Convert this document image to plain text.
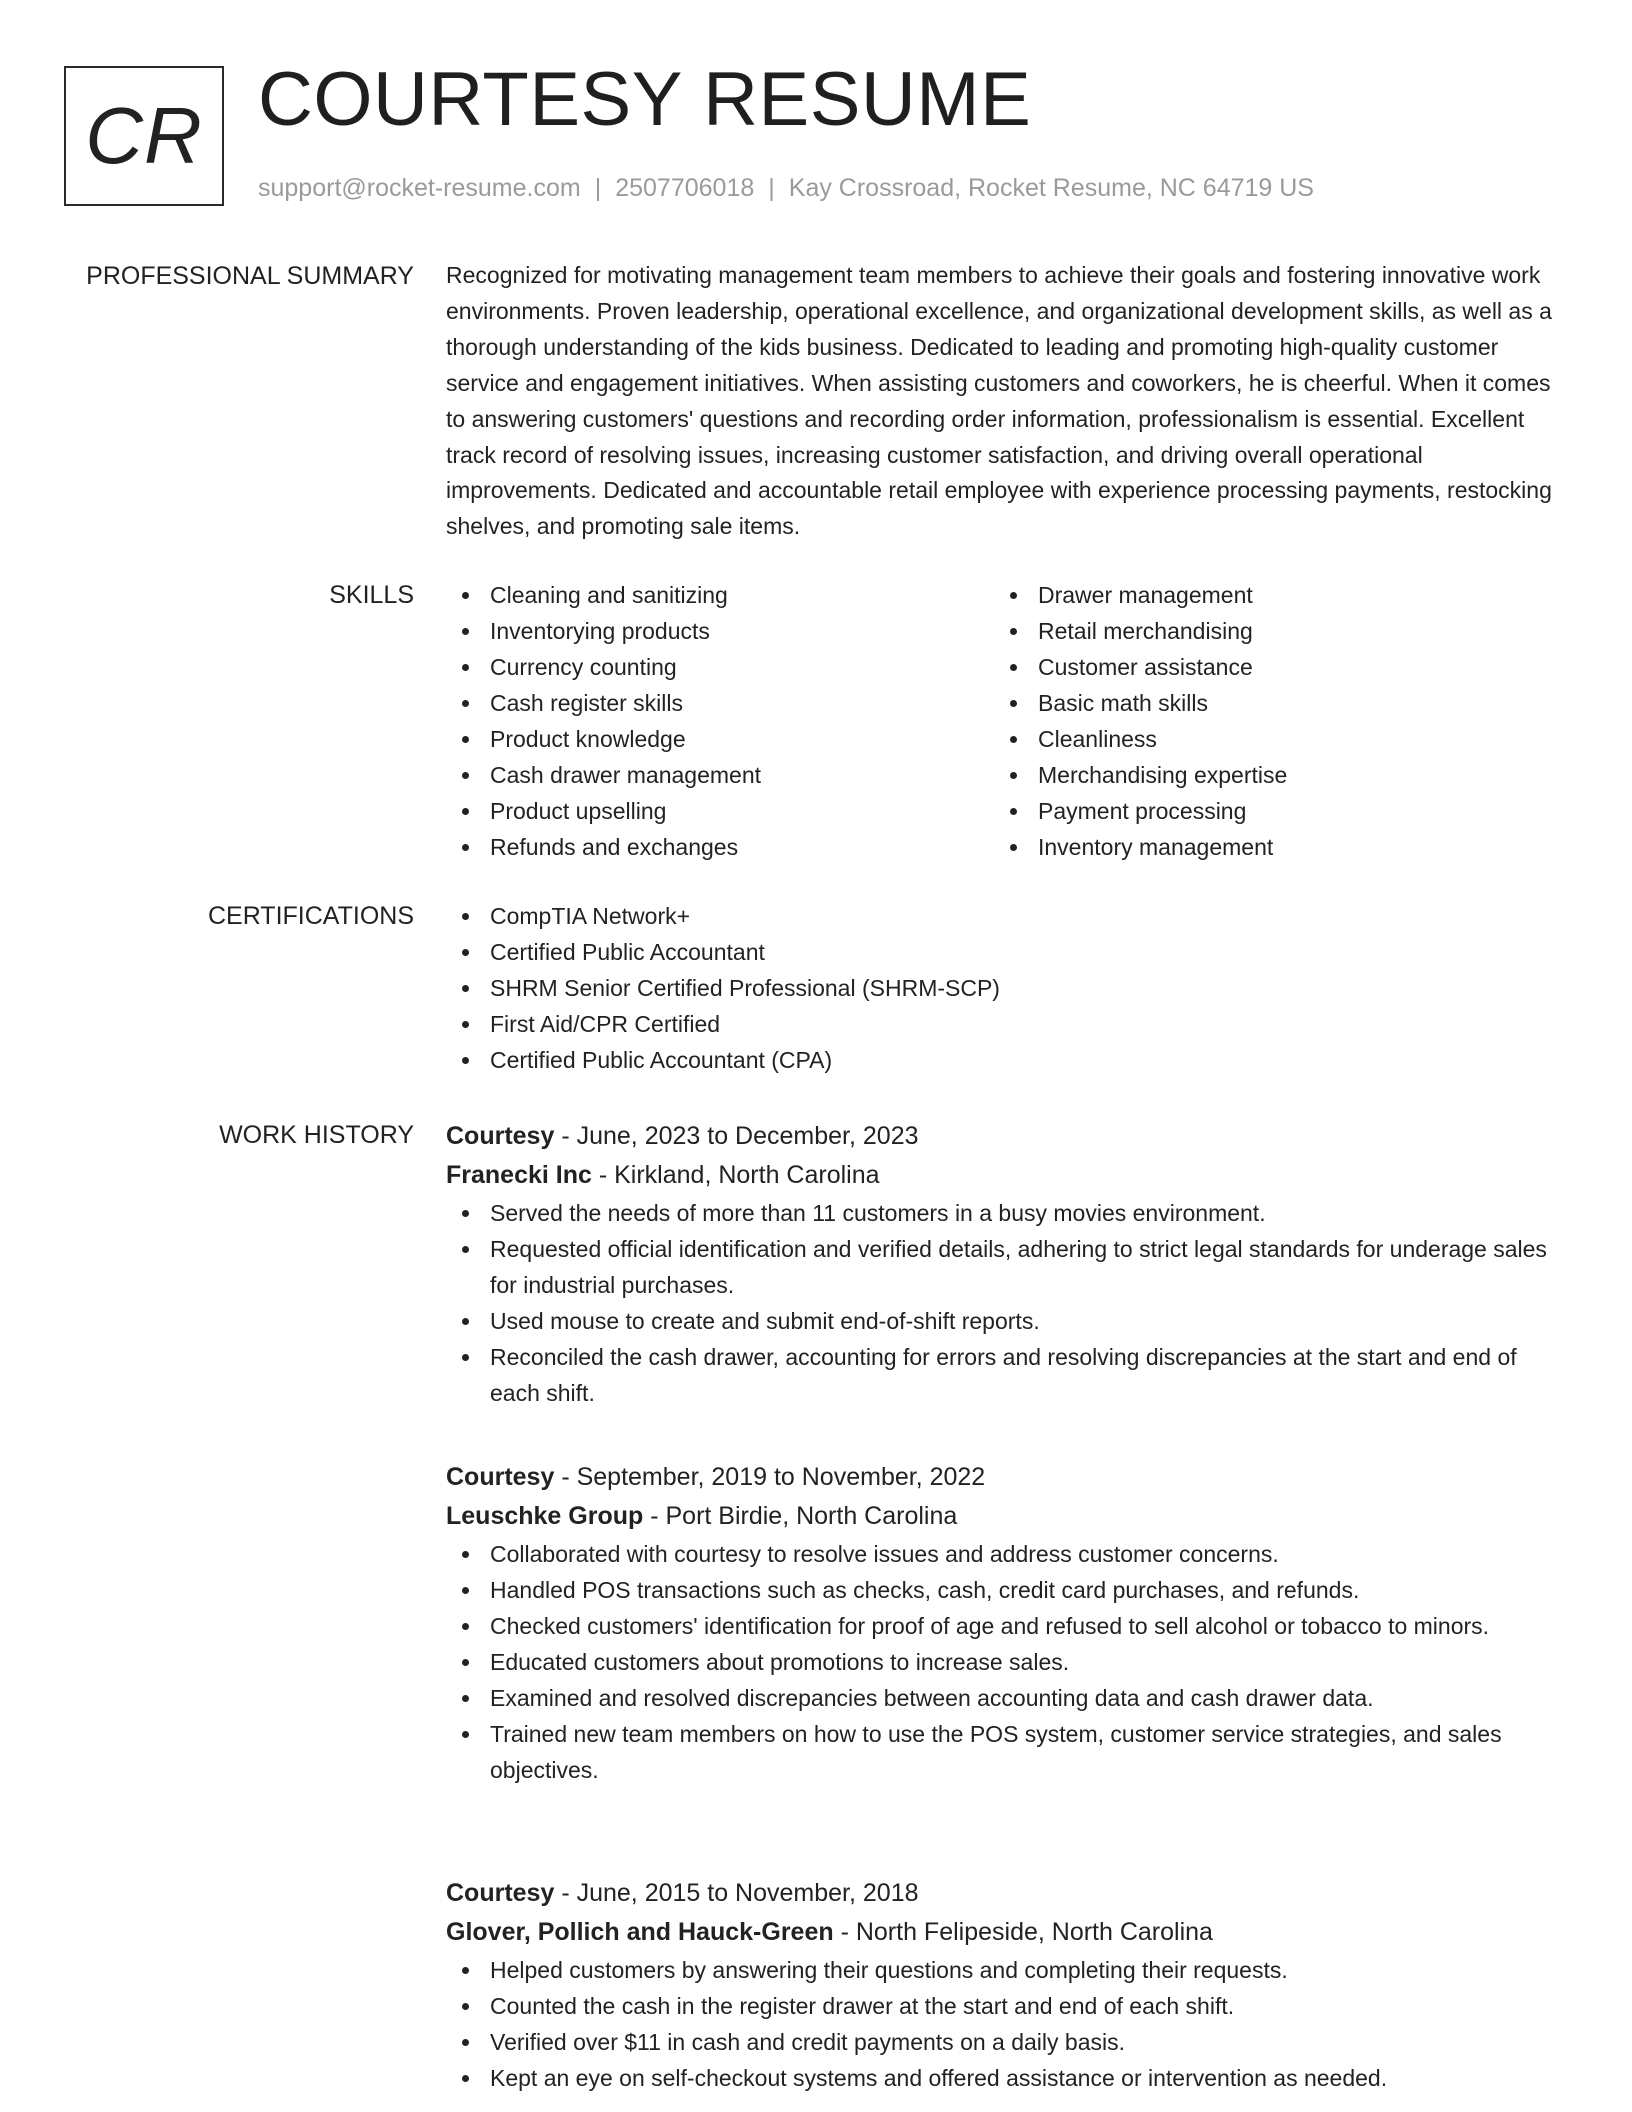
CR COURTESY RESUME
support@rocket-resume.com | 2507706018 | Kay Crossroad, Rocket Resume, NC 64719 US
PROFESSIONAL SUMMARY Recognized for motivating management team members to achieve their goals and fostering innovative work environments. Proven leadership, operational excellence, and organizational development skills, as well as a thorough understanding of the kids business. Dedicated to leading and promoting high-quality customer service and engagement initiatives. When assisting customers and coworkers, he is cheerful. When it comes to answering customers' questions and recording order information, professionalism is essential. Excellent track record of resolving issues, increasing customer satisfaction, and driving overall operational improvements. Dedicated and accountable retail employee with experience processing payments, restocking shelves, and promoting sale items.

SKILLS	Cleaning and sanitizing
Inventorying products
Currency counting
Cash register skills
Product knowledge
Cash drawer management
Product upselling
Refunds and exchanges
Drawer management
Retail merchandising
Customer assistance
Basic math skills
Cleanliness
Merchandising expertise
Payment processing
Inventory management
CERTIFICATIONS	CompTIA Network+
Certified Public Accountant
SHRM Senior Certified Professional (SHRM-SCP)
First Aid/CPR Certified
Certified Public Accountant (CPA)
WORK HISTORY Courtesy - June, 2023 to December, 2023
Franecki Inc - Kirkland, North Carolina
Served the needs of more than 11 customers in a busy movies environment.
Requested official identification and verified details, adhering to strict legal standards for underage sales for industrial purchases.
Used mouse to create and submit end-of-shift reports.
Reconciled the cash drawer, accounting for errors and resolving discrepancies at the start and end of each shift.
Courtesy - September, 2019 to November, 2022
Leuschke Group - Port Birdie, North Carolina
Collaborated with courtesy to resolve issues and address customer concerns.
Handled POS transactions such as checks, cash, credit card purchases, and refunds.
Checked customers' identification for proof of age and refused to sell alcohol or tobacco to minors.
Educated customers about promotions to increase sales.
Examined and resolved discrepancies between accounting data and cash drawer data.
Trained new team members on how to use the POS system, customer service strategies, and sales objectives.
Courtesy - June, 2015 to November, 2018
Glover, Pollich and Hauck-Green - North Felipeside, North Carolina
Helped customers by answering their questions and completing their requests.
Counted the cash in the register drawer at the start and end of each shift.
Verified over $11 in cash and credit payments on a daily basis.
Kept an eye on self-checkout systems and offered assistance or intervention as needed.
